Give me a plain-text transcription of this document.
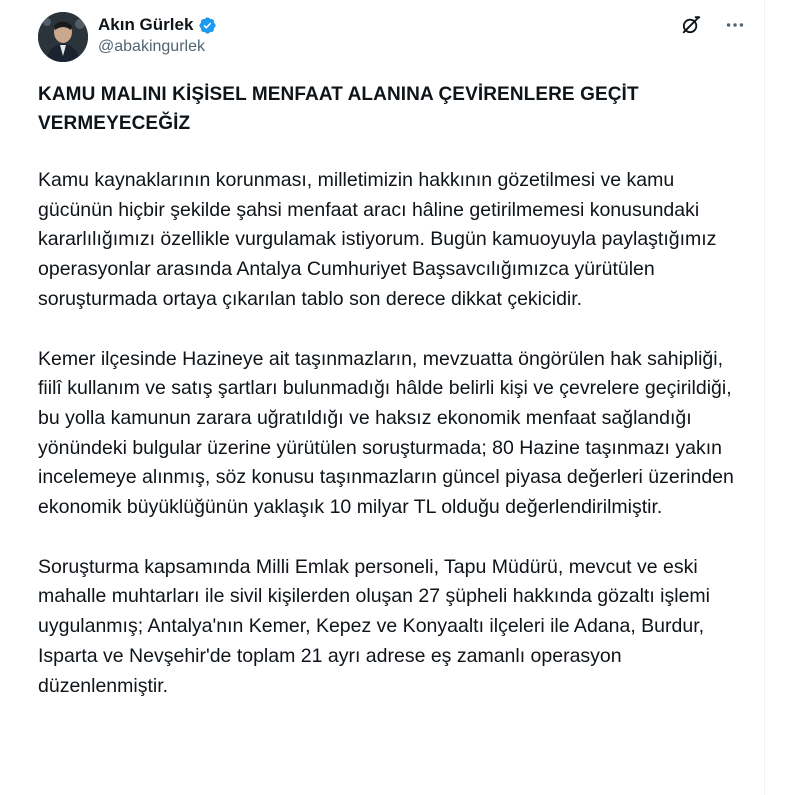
Akın Gürlek
@abakingurlek
KAMU MALINI KİŞİSEL MENFAAT ALANINA ÇEVİRENLERE GEÇİT VERMEYECEĞİZ

Kamu kaynaklarının korunması, milletimizin hakkının gözetilmesi ve kamu gücünün hiçbir şekilde şahsi menfaat aracı hâline getirilmemesi konusundaki kararlılığımızı özellikle vurgulamak istiyorum. Bugün kamuoyuyla paylaştığımız operasyonlar arasında Antalya Cumhuriyet Başsavcılığımızca yürütülen soruşturmada ortaya çıkarılan tablo son derece dikkat çekicidir.

Kemer ilçesinde Hazineye ait taşınmazların, mevzuatta öngörülen hak sahipliği, fiilî kullanım ve satış şartları bulunmadığı hâlde belirli kişi ve çevrelere geçirildiği, bu yolla kamunun zarara uğratıldığı ve haksız ekonomik menfaat sağlandığı yönündeki bulgular üzerine yürütülen soruşturmada; 80 Hazine taşınmazı yakın incelemeye alınmış, söz konusu taşınmazların güncel piyasa değerleri üzerinden ekonomik büyüklüğünün yaklaşık 10 milyar TL olduğu değerlendirilmiştir.

Soruşturma kapsamında Milli Emlak personeli, Tapu Müdürü, mevcut ve eski mahalle muhtarları ile sivil kişilerden oluşan 27 şüpheli hakkında gözaltı işlemi uygulanmış; Antalya'nın Kemer, Kepez ve Konyaaltı ilçeleri ile Adana, Burdur, Isparta ve Nevşehir'de toplam 21 ayrı adrese eş zamanlı operasyon düzenlenmiştir.
